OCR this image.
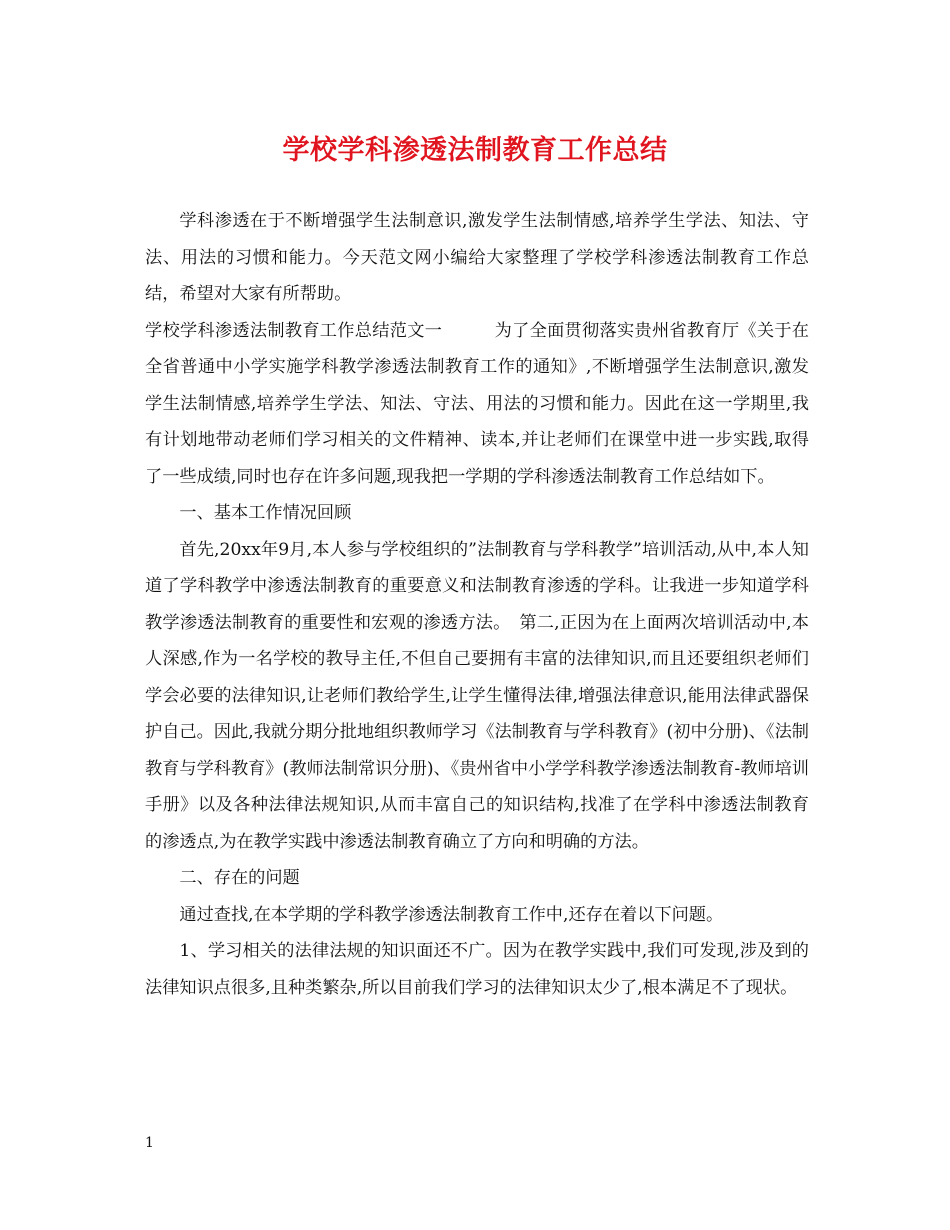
学校学科渗透法制教育工作总结

学科渗透在于不断增强学生法制意识,激发学生法制情感,培养学生学法、知法、守法、用法的习惯和能力。今天范文网小编给大家整理了学校学科渗透法制教育工作总结，希望对大家有所帮助。

学校学科渗透法制教育工作总结范文一　　　为了全面贯彻落实贵州省教育厅《关于在全省普通中小学实施学科教学渗透法制教育工作的通知》,不断增强学生法制意识,激发学生法制情感,培养学生学法、知法、守法、用法的习惯和能力。因此在这一学期里,我有计划地带动老师们学习相关的文件精神、读本,并让老师们在课堂中进一步实践,取得了一些成绩,同时也存在许多问题,现我把一学期的学科渗透法制教育工作总结如下。

一、基本工作情况回顾

首先,20xx年9月,本人参与学校组织的”法制教育与学科教学”培训活动,从中,本人知道了学科教学中渗透法制教育的重要意义和法制教育渗透的学科。让我进一步知道学科教学渗透法制教育的重要性和宏观的渗透方法。　第二,正因为在上面两次培训活动中,本人深感,作为一名学校的教导主任,不但自己要拥有丰富的法律知识,而且还要组织老师们学会必要的法律知识,让老师们教给学生,让学生懂得法律,增强法律意识,能用法律武器保护自己。因此,我就分期分批地组织教师学习《法制教育与学科教育》(初中分册)、《法制教育与学科教育》(教师法制常识分册)、《贵州省中小学学科教学渗透法制教育-教师培训手册》以及各种法律法规知识,从而丰富自己的知识结构,找准了在学科中渗透法制教育的渗透点,为在教学实践中渗透法制教育确立了方向和明确的方法。

二、存在的问题

通过查找,在本学期的学科教学渗透法制教育工作中,还存在着以下问题。

1、学习相关的法律法规的知识面还不广。因为在教学实践中,我们可发现,涉及到的法律知识点很多,且种类繁杂,所以目前我们学习的法律知识太少了,根本满足不了现状。

1
